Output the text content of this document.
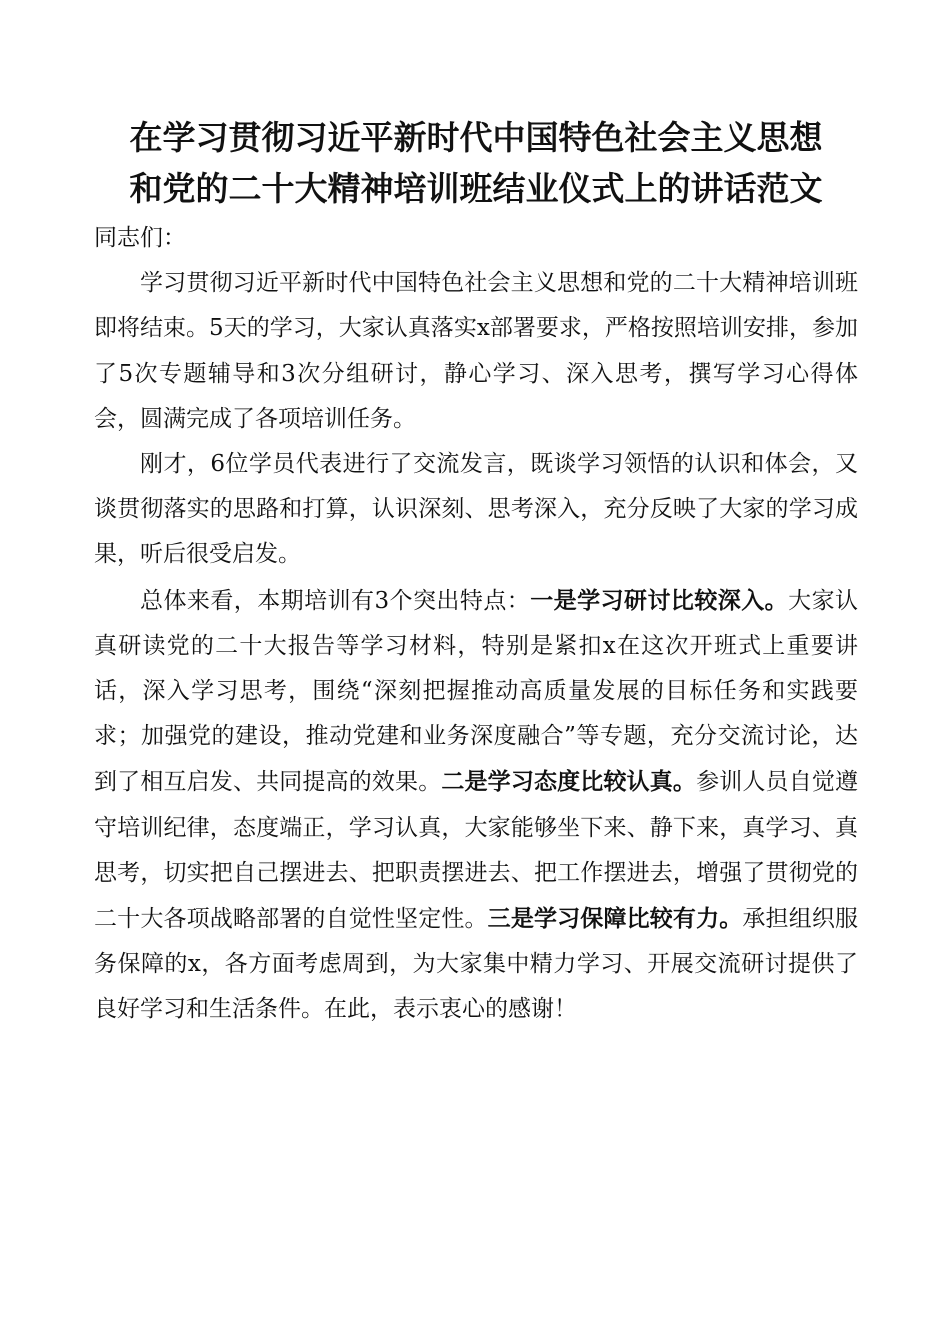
在学习贯彻习近平新时代中国特色社会主义思想
和党的二十大精神培训班结业仪式上的讲话范文

同志们：

学习贯彻习近平新时代中国特色社会主义思想和党的二十大精神培训班即将结束。5天的学习，大家认真落实x部署要求，严格按照培训安排，参加了5次专题辅导和3次分组研讨，静心学习、深入思考，撰写学习心得体会，圆满完成了各项培训任务。

刚才，6位学员代表进行了交流发言，既谈学习领悟的认识和体会，又谈贯彻落实的思路和打算，认识深刻、思考深入，充分反映了大家的学习成果，听后很受启发。

总体来看，本期培训有3个突出特点：一是学习研讨比较深入。大家认真研读党的二十大报告等学习材料，特别是紧扣x在这次开班式上重要讲话，深入学习思考，围绕“深刻把握推动高质量发展的目标任务和实践要求；加强党的建设，推动党建和业务深度融合”等专题，充分交流讨论，达到了相互启发、共同提高的效果。二是学习态度比较认真。参训人员自觉遵守培训纪律，态度端正，学习认真，大家能够坐下来、静下来，真学习、真思考，切实把自己摆进去、把职责摆进去、把工作摆进去，增强了贯彻党的二十大各项战略部署的自觉性坚定性。三是学习保障比较有力。承担组织服务保障的x，各方面考虑周到，为大家集中精力学习、开展交流研讨提供了良好学习和生活条件。在此，表示衷心的感谢！
